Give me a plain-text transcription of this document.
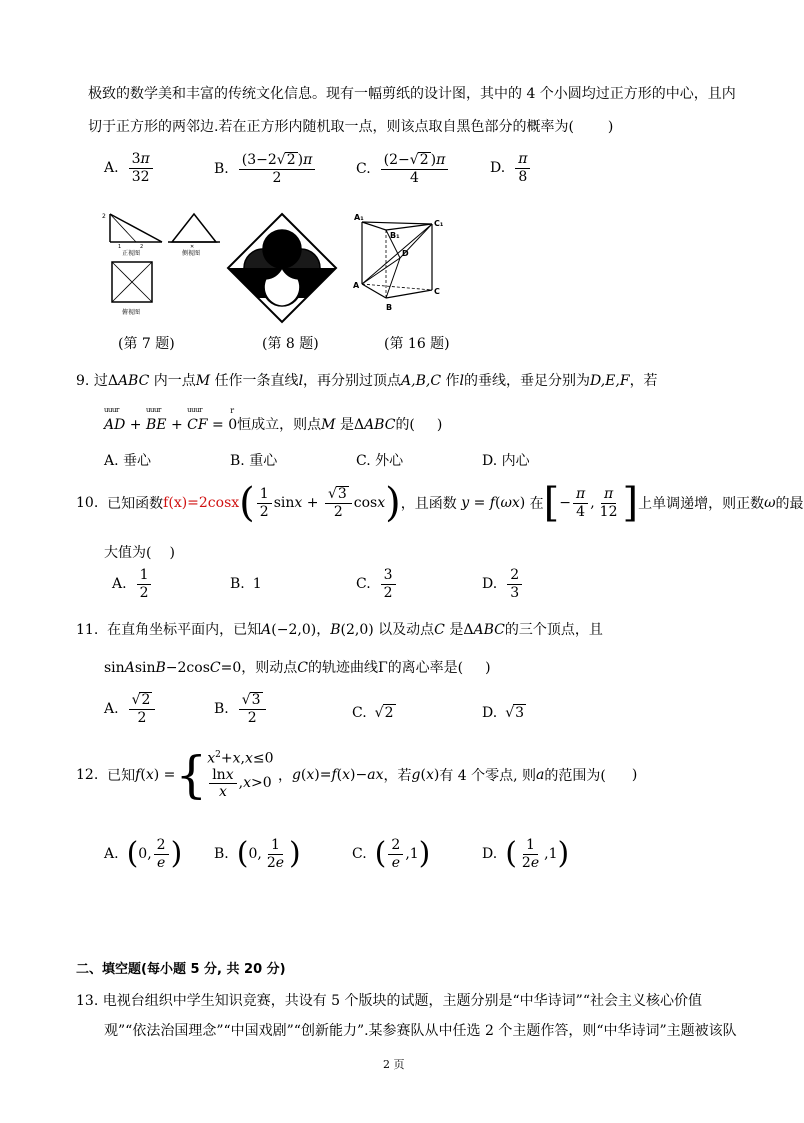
极致的数学美和丰富的传统文化信息。现有一幅剪纸的设计图，其中的 4 个小圆均过正方形的中心，且内
切于正方形的两邻边.若在正方形内随机取一点，则该点取自黑色部分的概率为( )
A. $\frac{3\pi}{32}$	B. $\frac{(3-2√2 )\pi}{2}$	C. $\frac{(2-√2 )\pi}{4}$	D. $\frac{\pi}{8}$
2
1	2
正视图
✕
侧视图
俯视图
A₁
B₁
C₁
D
A
B
C
(第 7 题)	(第 8 题)	(第 16 题)
9. 过ΔABC 内一点M 任作一条直线l，再分别过顶点A,B,C 作l的垂线，垂足分别为D,E,F，若
uuur AD + uuur BE + uuur CF = r 0恒成立，则点M 是ΔABC的( )
A. 垂心	B. 重心	C. 外心	D. 内心
10.
已知函数 f(x)=2cosx ( $\frac{1}{2}$ $\sin x + \frac{√3}{2}$ cos x ) ，且函数
y = f ( ωx ) 在 [ − $\frac{\pi}{4}$ , $\frac{\pi}{12}$ ] 上单调递增，则正数 ω 的最
大值为( )
A. $\frac{1}{2}$	B. 1	C. $\frac{3}{2}$	D. $\frac{2}{3}$
11. 在直角坐标平面内，已知A(−2,0)，B(2,0) 以及动点C 是ΔABC的三个顶点，且
sinAsinB−2cosC=0，则动点C的轨迹曲线Γ的离心率是( )
A. $\frac{√2}{2}$	B. $\frac{√3}{2}$	C. √2	D. √3
12.
已知 f ( x ) = { $x^2+x,x\le 0$
$\frac{\ln x}{x}$ , x >0
， g ( x )= f ( x )− ax ，若 g ( x ) 有 4 个零点, 则 a 的范围为( )
A. ( 0, $\frac{2}{e}$ ) B. ( 0, $\frac{1}{2e}$ )	C. ( $\frac{2}{e} ,1$ )	D. ( $\frac{1}{2e} ,1$ )
二、填空题(每小题 5 分, 共 20 分)
13. 电视台组织中学生知识竞赛，共设有 5 个版块的试题，主题分别是“中华诗词”“社会主义核心价值
观”“依法治国理念”“中国戏剧”“创新能力”.某参赛队从中任选 2 个主题作答，则“中华诗词”主题被该队
2 页
